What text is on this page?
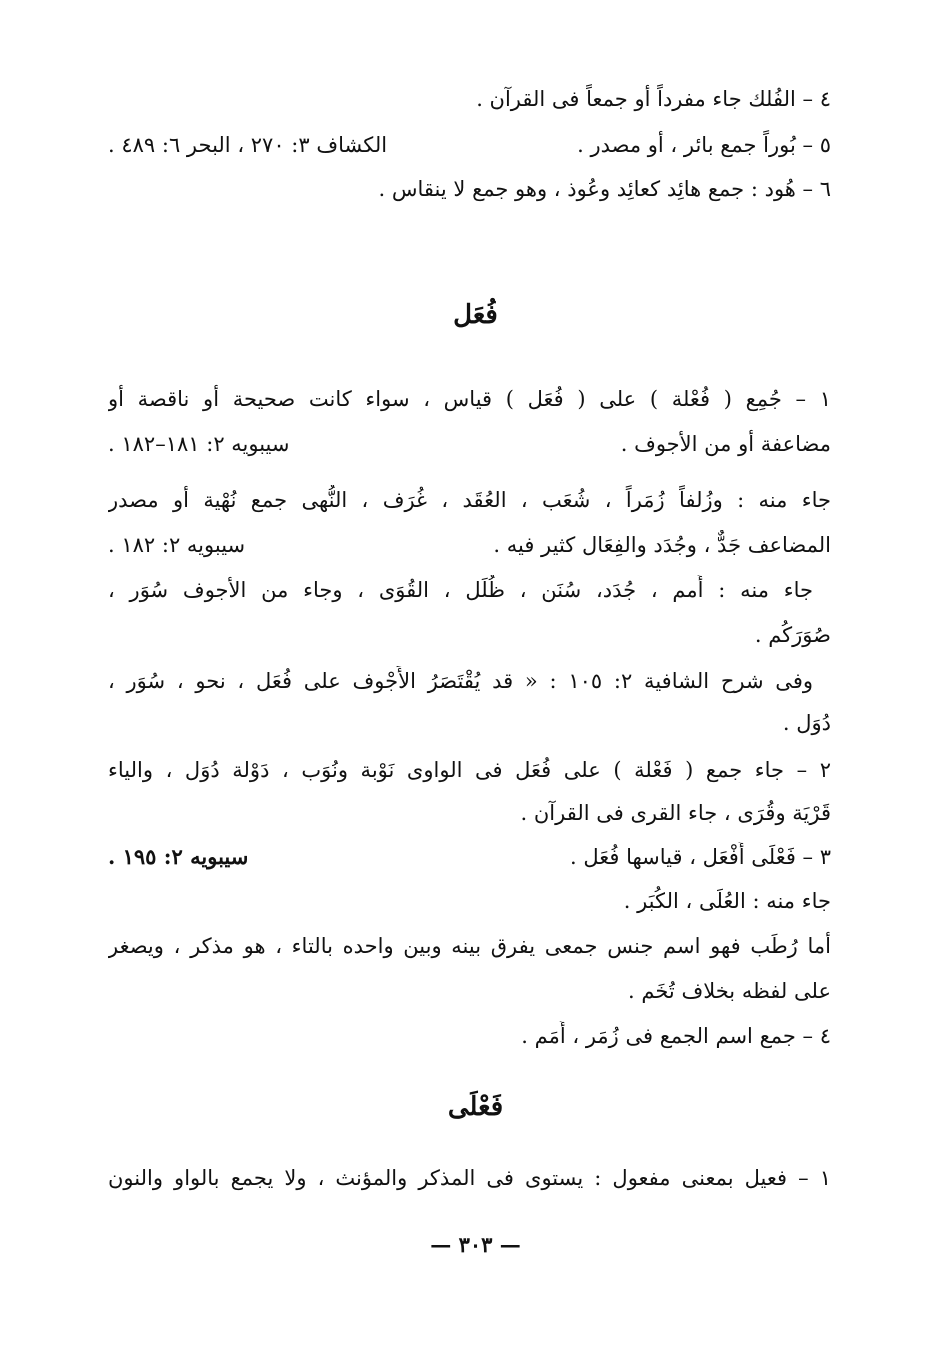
٤ – الفُلك جاء مفرداً أو جمعاً فى القرآن .
٥ – بُوراً جمع بائر ، أو مصدر .
الكشاف ٣: ٢٧٠ ، البحر ٦: ٤٨٩ .
٦ – هُود : جمع هائِد كعائِد وعُوذ ، وهو جمع لا ينقاس .
فُعَل
١ – جُمِع ( فُعْلة ) على ( فُعَل ) قياس ، سواء كانت صحيحة أو ناقصة أو
مضاعفة أو من الأجوف .
سيبويه ٢: ١٨١–١٨٢ .
جاء منه : وزُلفاً زُمَراً ، شُعَب ، العُقَد ، غُرَف ، النُّهى جمع نُهْية أو مصدر
المضاعف جَدٌّ ، وجُدَد والفِعَال كثير فيه .
سيبويه ٢: ١٨٢ .
جاء منه : أُمم ، جُدَد، سُنَن ، ظُلَل ، القُوَى ، وجاء من الأجوف سُوَر ،
صُوَرَكُم .
وفى شرح الشافية ٢: ١٠٥ : « قد يُقْتَصَرُ الأَجْوف على فُعَل ، نحو ، سُوَر ،
دُوَل .
٢ – جاء جمع ( فَعْلة ) على فُعَل فى الواوى نَوْبة ونُوَب ، دَوْلة دُوَل ، والياء
قَرْيَة وقُرَى ، جاء القرى فى القرآن .
٣ – فَعْلَى أَفْعَل ، قياسها فُعَل .
سيبويه ٢: ١٩٥ .
جاء منه : العُلَى ، الكُبَر .
أما رُطَب فهو اسم جنس جمعى يفرق بينه وبين واحده بالتاء ، هو مذكر ، ويصغر
على لفظه بخلاف تُخَم .
٤ – جمع اسم الجمع فى زُمَر ، أُمَم .
فَعْلَى
١ – فعيل بمعنى مفعول : يستوى فى المذكر والمؤنث ، ولا يجمع بالواو والنون
— ٣٠٣ —
